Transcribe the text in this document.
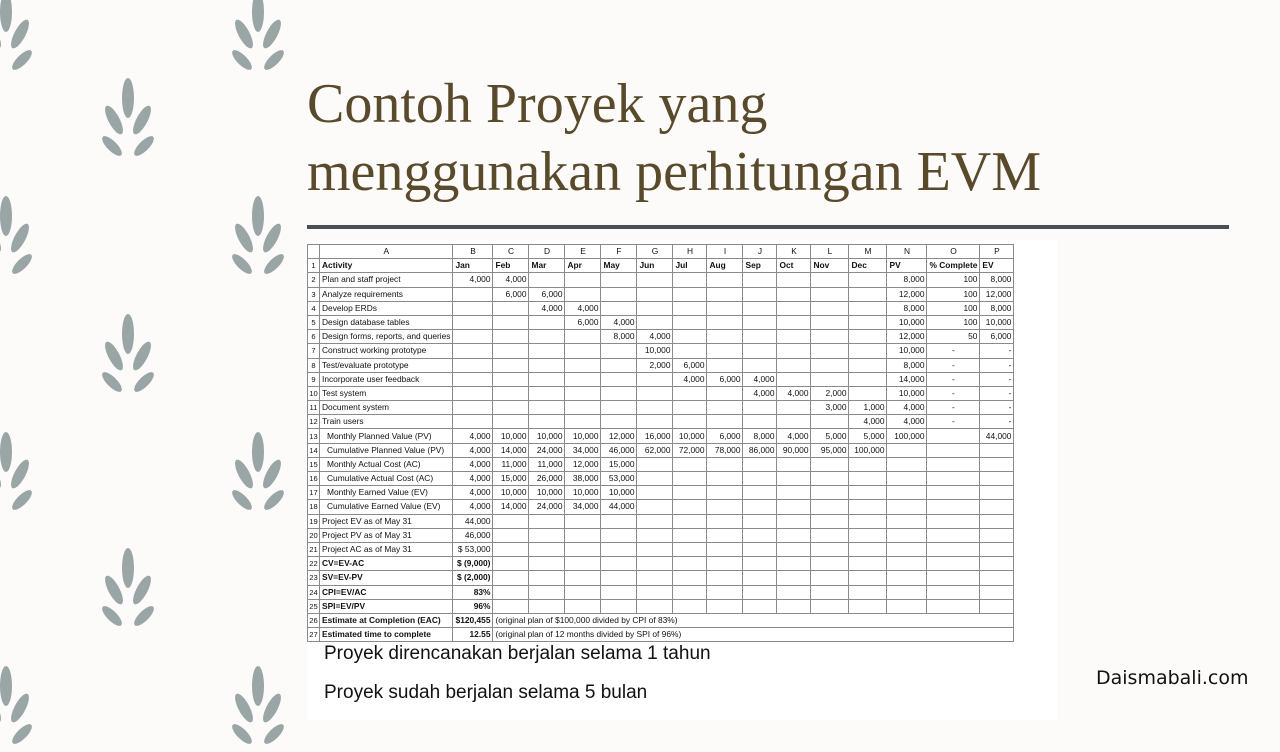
Contoh Proyek yang
menggunakan perhitungan EVM
	A	B	C	D	E	F	G	H	I	J	K	L	M	N	O	P
1	Activity	Jan	Feb	Mar	Apr	May	Jun	Jul	Aug	Sep	Oct	Nov	Dec	PV	% Complete	EV
2	Plan and staff project	4,000	4,000											8,000	100	8,000
3	Analyze requirements		6,000	6,000										12,000	100	12,000
4	Develop ERDs			4,000	4,000									8,000	100	8,000
5	Design database tables				6,000	4,000								10,000	100	10,000
6	Design forms, reports, and queries					8,000	4,000							12,000	50	6,000
7	Construct working prototype						10,000							10,000	-	-
8	Test/evaluate prototype						2,000	6,000						8,000	-	-
9	Incorporate user feedback							4,000	6,000	4,000				14,000	-	-
10	Test system									4,000	4,000	2,000		10,000	-	-
11	Document system											3,000	1,000	4,000	-	-
12	Train users												4,000	4,000	-	-
13	Monthly Planned Value (PV)	4,000	10,000	10,000	10,000	12,000	16,000	10,000	6,000	8,000	4,000	5,000	5,000	100,000		44,000
14	Cumulative Planned Value (PV)	4,000	14,000	24,000	34,000	46,000	62,000	72,000	78,000	86,000	90,000	95,000	100,000			
15	Monthly Actual Cost (AC)	4,000	11,000	11,000	12,000	15,000										
16	Cumulative Actual Cost (AC)	4,000	15,000	26,000	38,000	53,000										
17	Monthly Earned Value (EV)	4,000	10,000	10,000	10,000	10,000										
18	Cumulative Earned Value (EV)	4,000	14,000	24,000	34,000	44,000										
19	Project EV as of May 31	44,000														
20	Project PV as of May 31	46,000														
21	Project AC as of May 31	$ 53,000														
22	CV=EV-AC	$ (9,000)														
23	SV=EV-PV	$ (2,000)														
24	CPI=EV/AC	83%														
25	SPI=EV/PV	96%														
26	Estimate at Completion (EAC)	$120,455	(original plan of $100,000 divided by CPI of 83%)													
27	Estimated time to complete	12.55	(original plan of 12 months divided by SPI of 96%)													

Proyek direncanakan berjalan selama 1 tahun

Proyek sudah berjalan selama 5 bulan

Daismabali.com
